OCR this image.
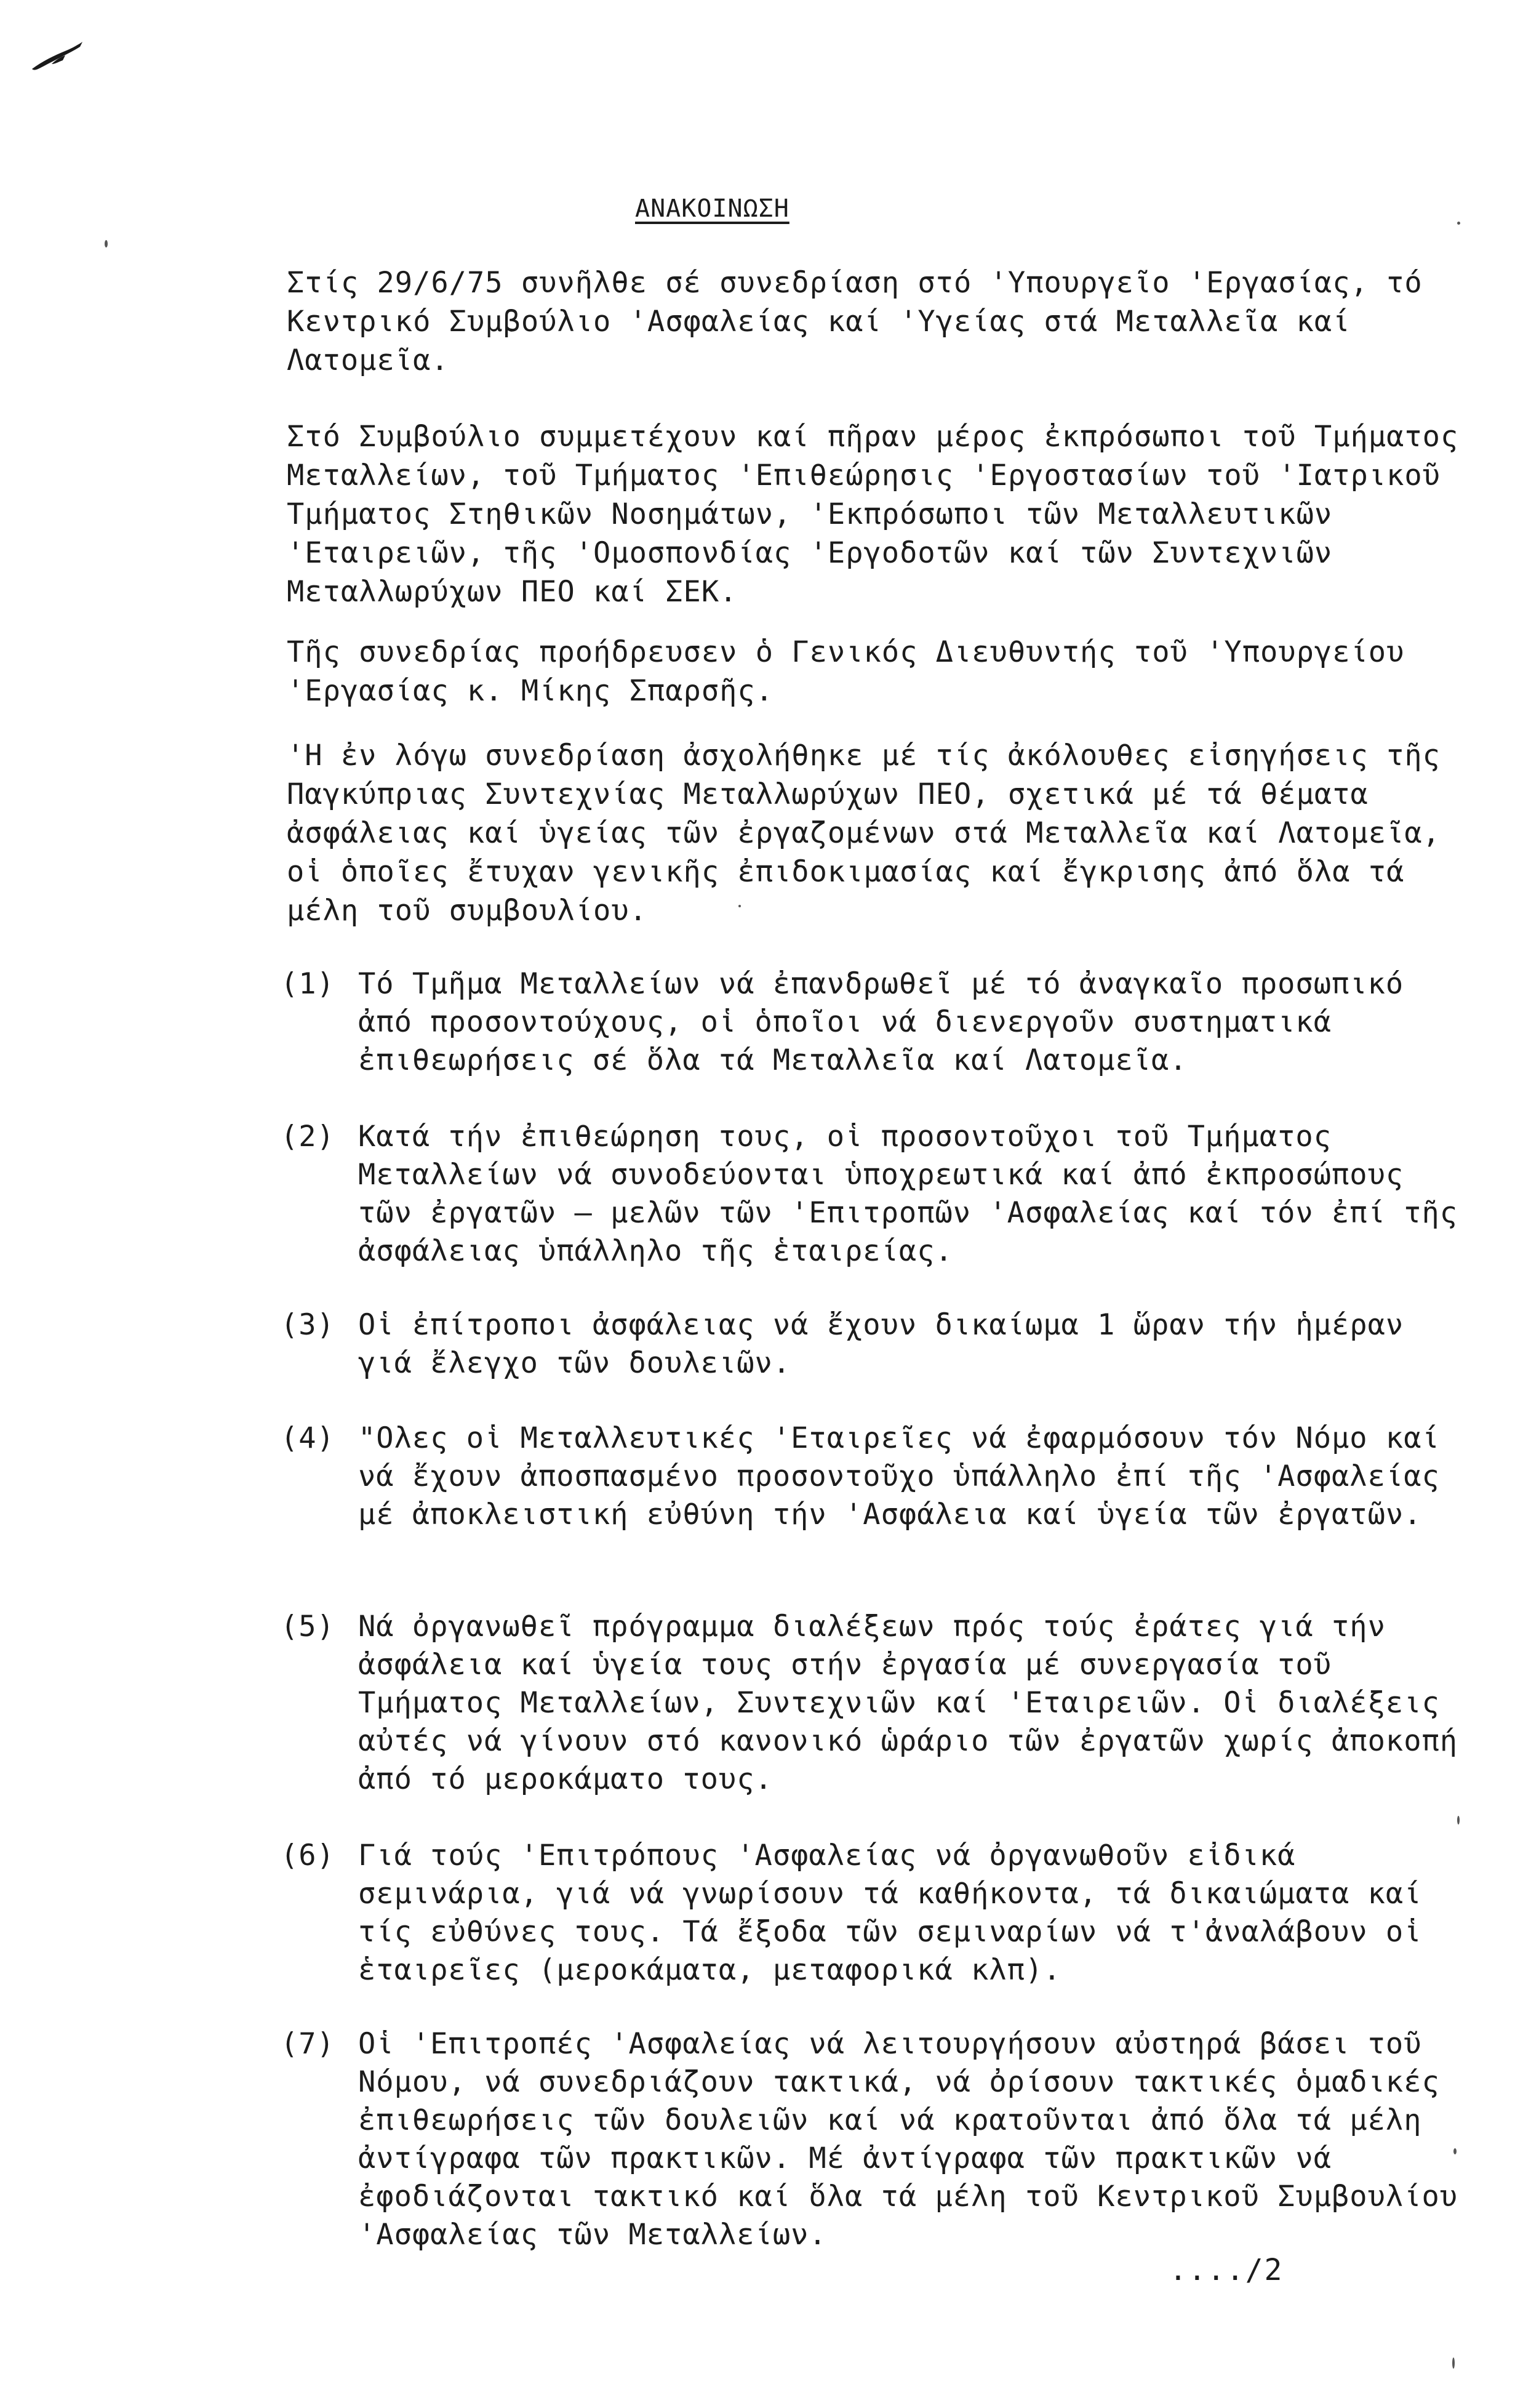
ΑΝΑΚΟΙΝΩΣΗ
Στίς 29/6/75 συνῆλθε σέ συνεδρίαση στό 'Υπουργεῖο 'Εργασίας, τό Κεντρικό Συμβούλιο 'Ασφαλείας καί 'Υγείας στά Μεταλλεῖα καί Λατομεῖα.
Στό Συμβούλιο συμμετέχουν καί πῆραν μέρος ἐκπρόσωποι τοῦ Τμήματος Μεταλλείων, τοῦ Τμήματος 'Επιθεώρησις 'Εργοστασίων τοῦ 'Ιατρικοῦ Τμήματος Στηθικῶν Νοσημάτων, 'Εκπρόσωποι τῶν Μεταλλευτικῶν 'Εταιρειῶν, τῆς 'Ομοσπονδίας 'Εργοδοτῶν καί τῶν Συντεχνιῶν Μεταλλωρύχων ΠΕΟ καί ΣΕΚ.
Τῆς συνεδρίας προήδρευσεν ὁ Γενικός Διευθυντής τοῦ 'Υπουργείου 'Εργασίας κ. Μίκης Σπαρσῆς.
'Η ἐν λόγω συνεδρίαση ἀσχολήθηκε μέ τίς ἀκόλουθες εἰσηγήσεις τῆς Παγκύπριας Συντεχνίας Μεταλλωρύχων ΠΕΟ, σχετικά μέ τά θέματα ἀσφάλειας καί ὑγείας τῶν ἐργαζομένων στά Μεταλλεῖα καί Λατομεῖα, οἱ ὁποῖες ἔτυχαν γενικῆς ἐπιδοκιμασίας καί ἔγκρισης ἀπό ὅλα τά μέλη τοῦ συμβουλίου.
(1) Τό Τμῆμα Μεταλλείων νά ἐπανδρωθεῖ μέ τό ἀναγκαῖο προσωπικό ἀπό προσοντούχους, οἱ ὁποῖοι νά διενεργοῦν συστηματικά ἐπιθεωρήσεις σέ ὅλα τά Μεταλλεῖα καί Λατομεῖα.
(2) Κατά τήν ἐπιθεώρηση τους, οἱ προσοντοῦχοι τοῦ Τμήματος Μεταλλείων νά συνοδεύονται ὑποχρεωτικά καί ἀπό ἐκπροσώπους τῶν ἐργατῶν – μελῶν τῶν 'Επιτροπῶν 'Ασφαλείας καί τόν ἐπί τῆς ἀσφάλειας ὑπάλληλο τῆς ἑταιρείας.
(3) Οἱ ἐπίτροποι ἀσφάλειας νά ἔχουν δικαίωμα 1 ὥραν τήν ἡμέραν γιά ἔλεγχο τῶν δουλειῶν.
(4) "Ολες οἱ Μεταλλευτικές 'Εταιρεῖες νά ἐφαρμόσουν τόν Νόμο καί νά ἔχουν ἀποσπασμένο προσοντοῦχο ὑπάλληλο ἐπί τῆς 'Ασφαλείας μέ ἀποκλειστική εὐθύνη τήν 'Ασφάλεια καί ὑγεία τῶν ἐργατῶν.
(5) Νά ὀργανωθεῖ πρόγραμμα διαλέξεων πρός τούς ἐράτες γιά τήν ἀσφάλεια καί ὑγεία τους στήν ἐργασία μέ συνεργασία τοῦ Τμήματος Μεταλλείων, Συντεχνιῶν καί 'Εταιρειῶν. Οἱ διαλέξεις αὐτές νά γίνουν στό κανονικό ὡράριο τῶν ἐργατῶν χωρίς ἀποκοπή ἀπό τό μεροκάματο τους.
(6) Γιά τούς 'Επιτρόπους 'Ασφαλείας νά ὀργανωθοῦν εἰδικά σεμινάρια, γιά νά γνωρίσουν τά καθήκοντα, τά δικαιώματα καί τίς εὐθύνες τους. Τά ἔξοδα τῶν σεμιναρίων νά τ'ἀναλάβουν οἱ ἑταιρεῖες (μεροκάματα, μεταφορικά κλπ).
(7) Οἱ 'Επιτροπές 'Ασφαλείας νά λειτουργήσουν αὐστηρά βάσει τοῦ Νόμου, νά συνεδριάζουν τακτικά, νά ὀρίσουν τακτικές ὁμαδικές ἐπιθεωρήσεις τῶν δουλειῶν καί νά κρατοῦνται ἀπό ὅλα τά μέλη ἀντίγραφα τῶν πρακτικῶν. Μέ ἀντίγραφα τῶν πρακτικῶν νά ἐφοδιάζονται τακτικό καί ὅλα τά μέλη τοῦ Κεντρικοῦ Συμβουλίου 'Ασφαλείας τῶν Μεταλλείων.
..../2
